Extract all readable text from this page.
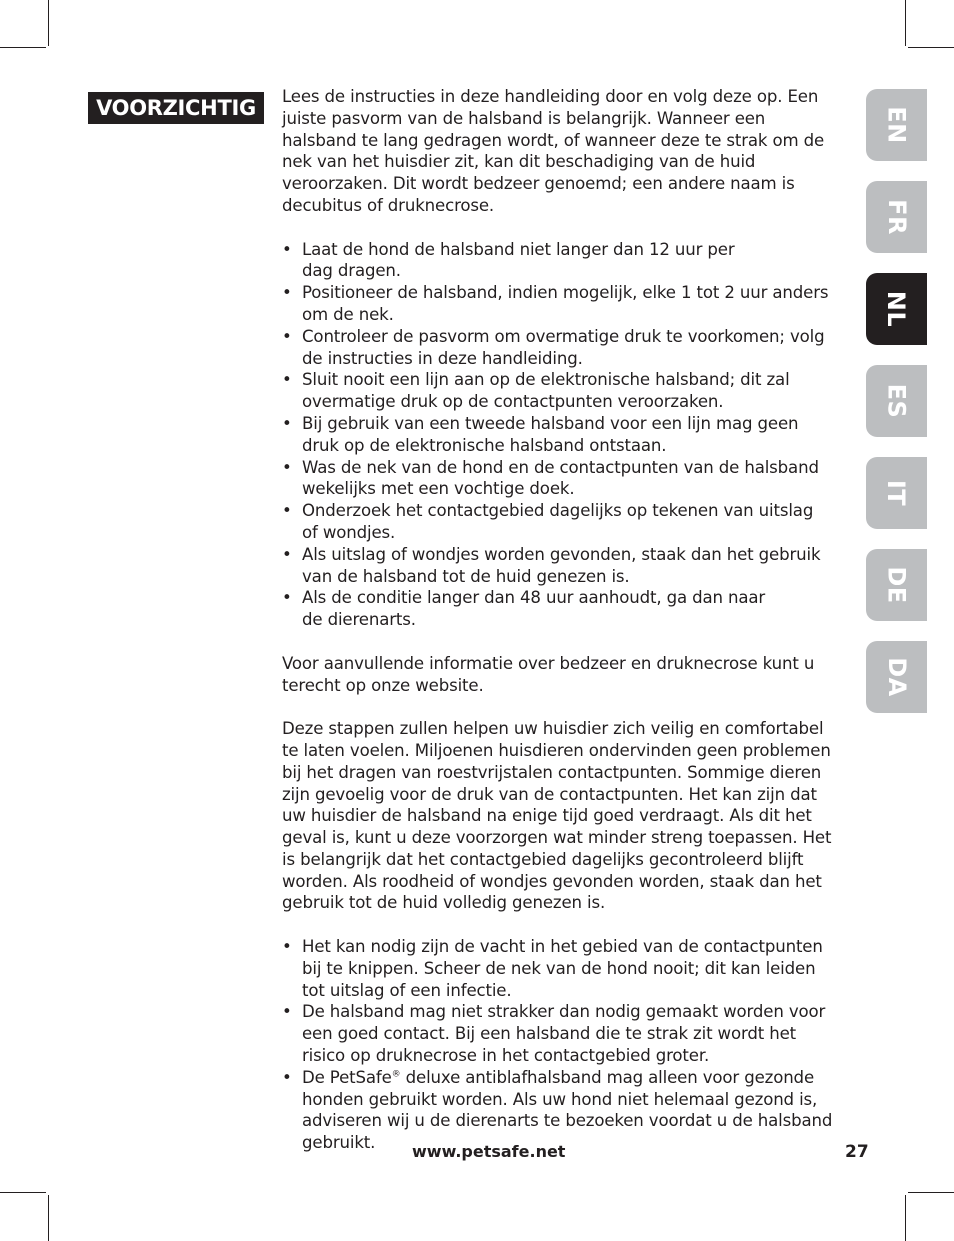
VOORZICHTIG	Lees de instructies in deze handleiding door en volg deze op. Een juiste pasvorm van de halsband is belangrijk. Wanneer een halsband te lang gedragen wordt, of wanneer deze te strak om de nek van het huisdier zit, kan dit beschadiging van de huid veroorzaken. Dit wordt bedzeer genoemd; een andere naam is decubitus of druknecrose.

• Laat de hond de halsband niet langer dan 12 uur per
dag dragen.
• Positioneer de halsband, indien mogelijk, elke 1 tot 2 uur anders om de nek.
• Controleer de pasvorm om overmatige druk te voorkomen; volg de instructies in deze handleiding.
• Sluit nooit een lijn aan op de elektronische halsband; dit zal overmatige druk op de contactpunten veroorzaken.
• Bij gebruik van een tweede halsband voor een lijn mag geen druk op de elektronische halsband ontstaan.
• Was de nek van de hond en de contactpunten van de halsband wekelijks met een vochtige doek.
• Onderzoek het contactgebied dagelijks op tekenen van uitslag
of wondjes.
• Als uitslag of wondjes worden gevonden, staak dan het gebruik van de halsband tot de huid genezen is.
• Als de conditie langer dan 48 uur aanhoudt, ga dan naar
de dierenarts.

Voor aanvullende informatie over bedzeer en druknecrose kunt u terecht op onze website.

Deze stappen zullen helpen uw huisdier zich veilig en comfortabel te laten voelen. Miljoenen huisdieren ondervinden geen problemen bij het dragen van roestvrijstalen contactpunten. Sommige dieren zijn gevoelig voor de druk van de contactpunten. Het kan zijn dat uw huisdier de halsband na enige tijd goed verdraagt. Als dit het geval is, kunt u deze voorzorgen wat minder streng toepassen. Het is belangrijk dat het contactgebied dagelijks gecontroleerd blijft worden. Als roodheid of wondjes gevonden worden, staak dan het gebruik tot de huid volledig genezen is.

• Het kan nodig zijn de vacht in het gebied van de contactpunten bij te knippen. Scheer de nek van de hond nooit; dit kan leiden tot uitslag of een infectie.
• De halsband mag niet strakker dan nodig gemaakt worden voor een goed contact. Bij een halsband die te strak zit wordt het risico op druknecrose in het contactgebied groter.
• De PetSafe® deluxe antiblafhalsband mag alleen voor gezonde honden gebruikt worden. Als uw hond niet helemaal gezond is, adviseren wij u de dierenarts te bezoeken voordat u de halsband gebruikt.
EN
FR
NL
ES
IT
DE
DA
www.petsafe.net	27
